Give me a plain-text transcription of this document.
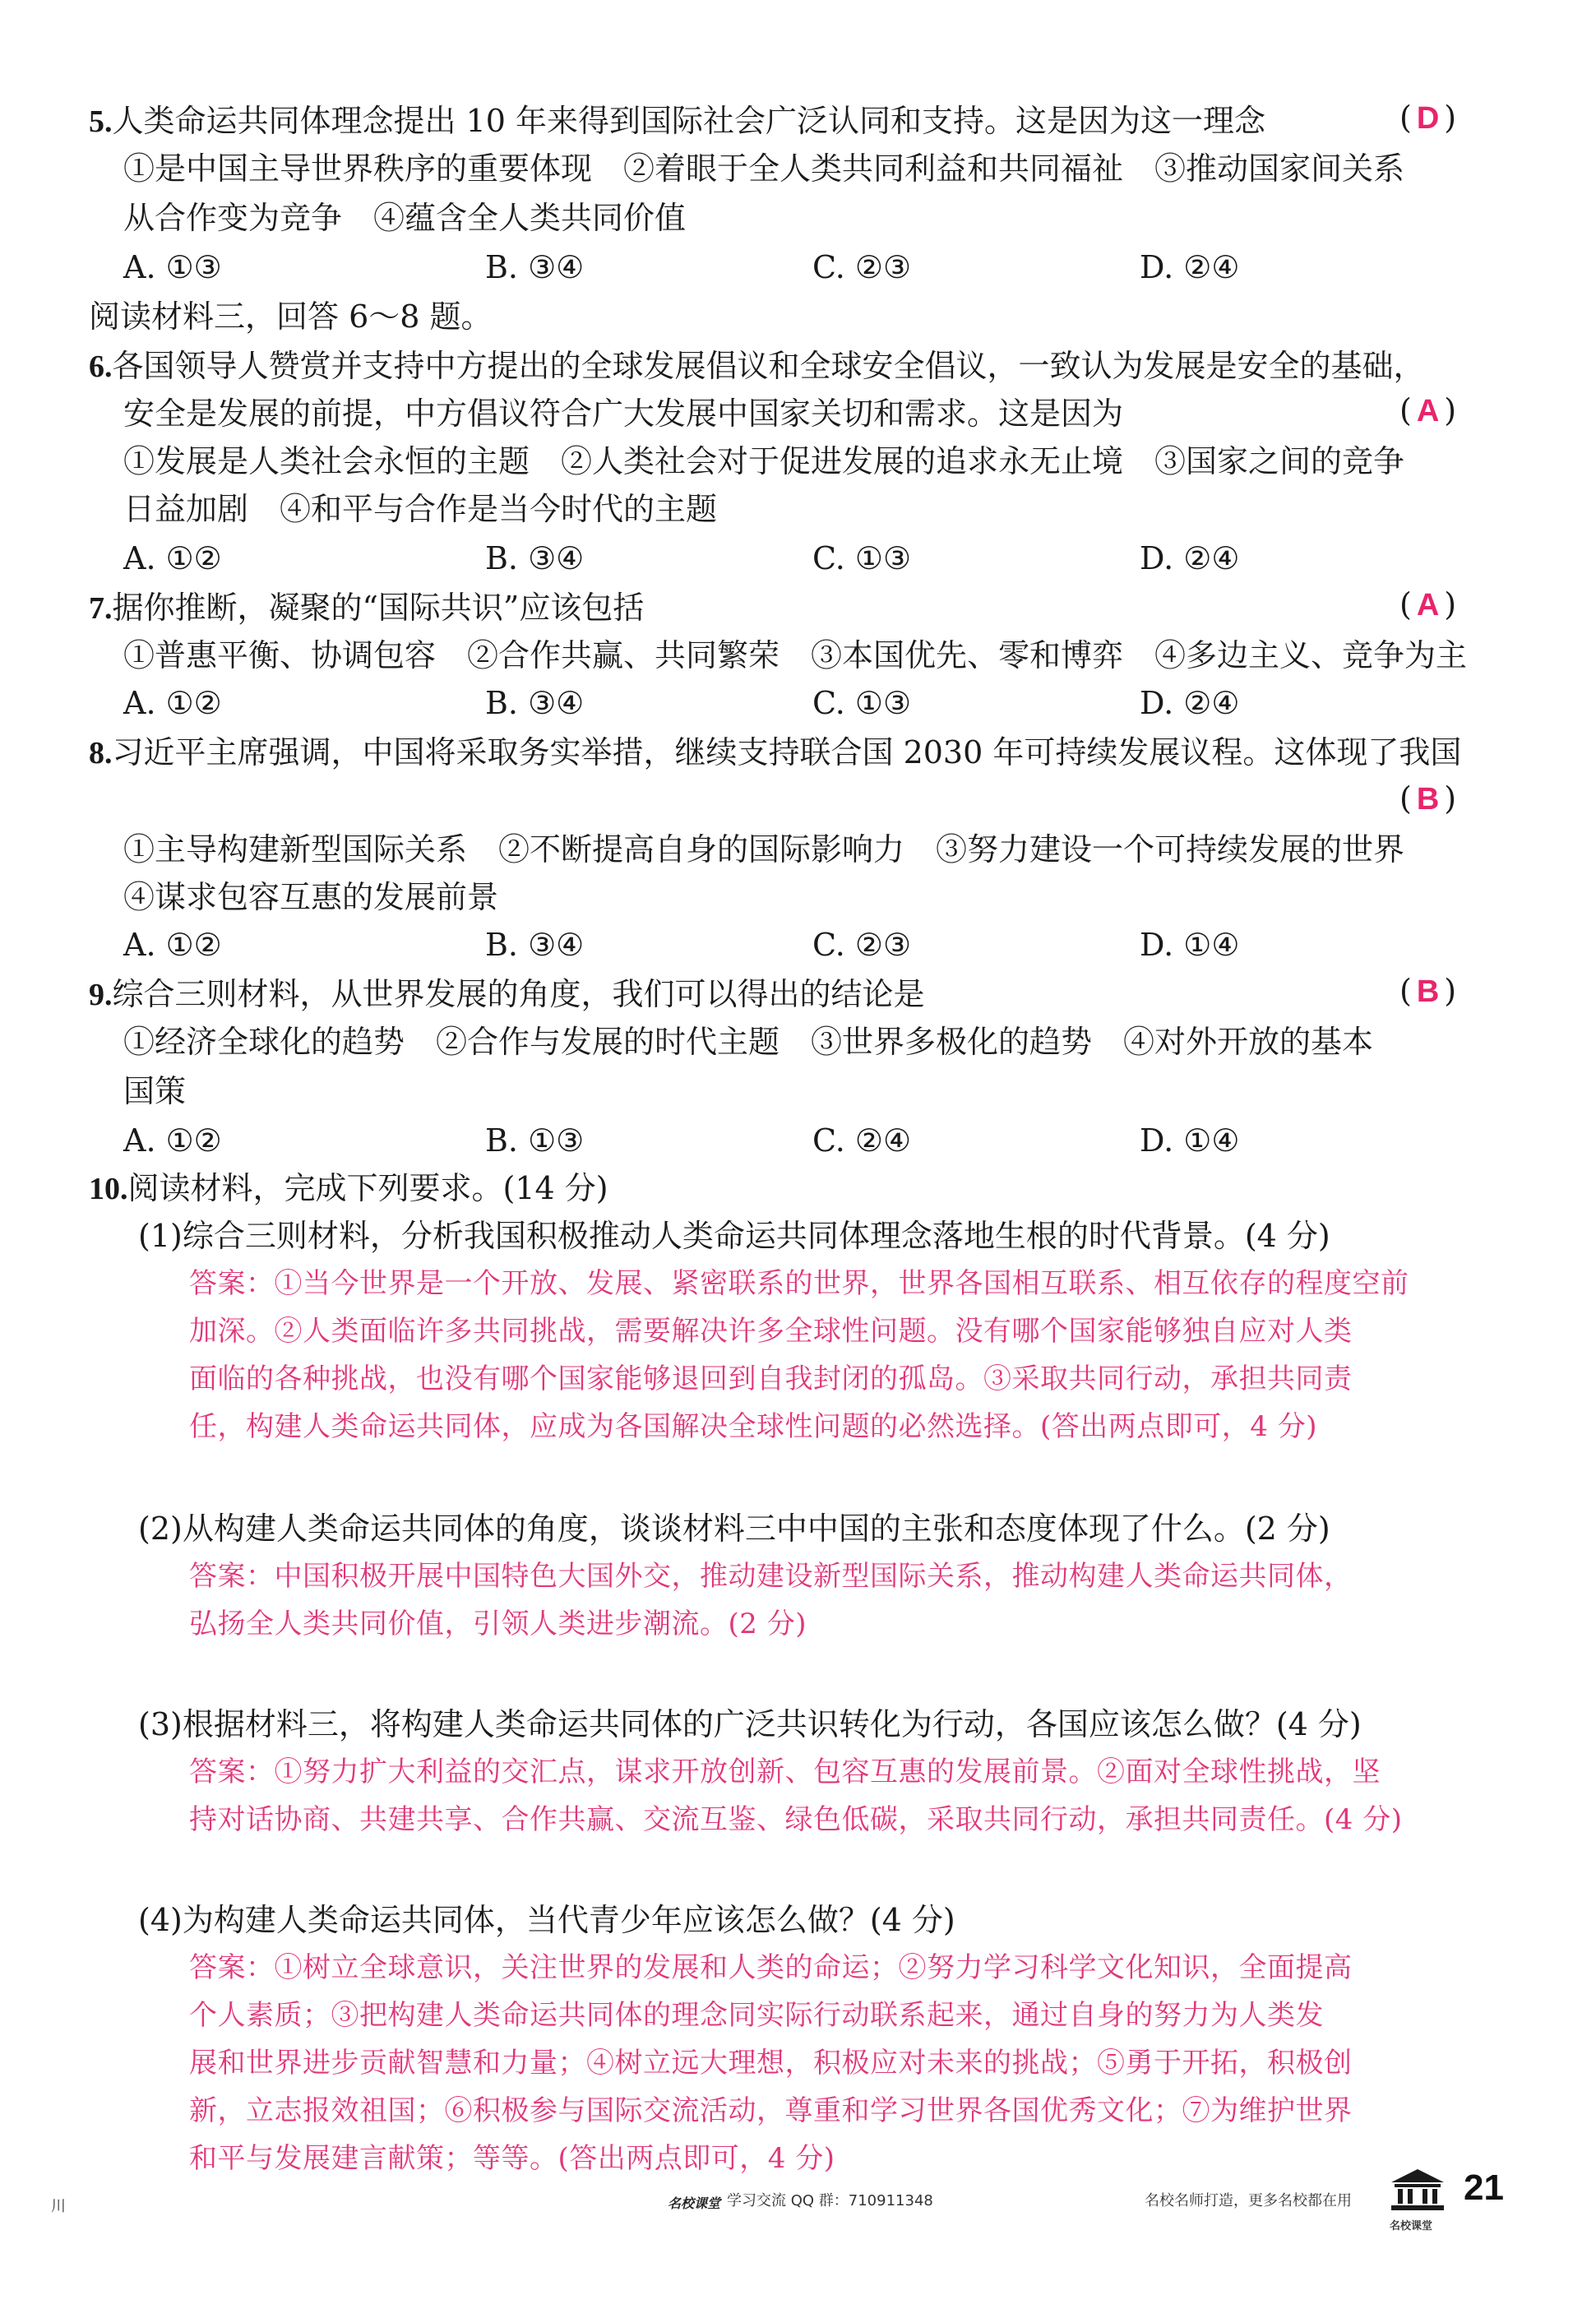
5.人类命运共同体理念提出 10 年来得到国际社会广泛认同和支持。这是因为这一理念	( D )
①是中国主导世界秩序的重要体现　②着眼于全人类共同利益和共同福祉　③推动国家间关系
从合作变为竞争　④蕴含全人类共同价值
A. ①③	B. ③④	C. ②③	D. ②④
阅读材料三，回答 6～8 题。
6.各国领导人赞赏并支持中方提出的全球发展倡议和全球安全倡议，一致认为发展是安全的基础，
安全是发展的前提，中方倡议符合广大发展中国家关切和需求。这是因为	( A )
①发展是人类社会永恒的主题　②人类社会对于促进发展的追求永无止境　③国家之间的竞争
日益加剧　④和平与合作是当今时代的主题
A. ①②	B. ③④	C. ①③	D. ②④
7.据你推断，凝聚的“国际共识”应该包括	( A )
①普惠平衡、协调包容　②合作共赢、共同繁荣　③本国优先、零和博弈　④多边主义、竞争为主
A. ①②	B. ③④	C. ①③	D. ②④
8.习近平主席强调，中国将采取务实举措，继续支持联合国 2030 年可持续发展议程。这体现了我国
( B )
①主导构建新型国际关系　②不断提高自身的国际影响力　③努力建设一个可持续发展的世界
④谋求包容互惠的发展前景
A. ①②	B. ③④	C. ②③	D. ①④
9.综合三则材料，从世界发展的角度，我们可以得出的结论是	( B )
①经济全球化的趋势　②合作与发展的时代主题　③世界多极化的趋势　④对外开放的基本
国策
A. ①②	B. ①③	C. ②④	D. ①④
10.阅读材料，完成下列要求。(14 分)
(1)综合三则材料，分析我国积极推动人类命运共同体理念落地生根的时代背景。(4 分)
答案：①当今世界是一个开放、发展、紧密联系的世界，世界各国相互联系、相互依存的程度空前
加深。②人类面临许多共同挑战，需要解决许多全球性问题。没有哪个国家能够独自应对人类
面临的各种挑战，也没有哪个国家能够退回到自我封闭的孤岛。③采取共同行动，承担共同责
任，构建人类命运共同体，应成为各国解决全球性问题的必然选择。(答出两点即可，4 分)
(2)从构建人类命运共同体的角度，谈谈材料三中中国的主张和态度体现了什么。(2 分)
答案：中国积极开展中国特色大国外交，推动建设新型国际关系，推动构建人类命运共同体，
弘扬全人类共同价值，引领人类进步潮流。(2 分)
(3)根据材料三，将构建人类命运共同体的广泛共识转化为行动，各国应该怎么做？(4 分)
答案：①努力扩大利益的交汇点，谋求开放创新、包容互惠的发展前景。②面对全球性挑战，坚
持对话协商、共建共享、合作共赢、交流互鉴、绿色低碳，采取共同行动，承担共同责任。(4 分)
(4)为构建人类命运共同体，当代青少年应该怎么做？(4 分)
答案：①树立全球意识，关注世界的发展和人类的命运；②努力学习科学文化知识，全面提高
个人素质；③把构建人类命运共同体的理念同实际行动联系起来，通过自身的努力为人类发
展和世界进步贡献智慧和力量；④树立远大理想，积极应对未来的挑战；⑤勇于开拓，积极创
新，立志报效祖国；⑥积极参与国际交流活动，尊重和学习世界各国优秀文化；⑦为维护世界
和平与发展建言献策；等等。(答出两点即可，4 分)
川	名校课堂 学习交流 QQ 群：710911348	名校名师打造，更多名校都在用
名校课堂
21
